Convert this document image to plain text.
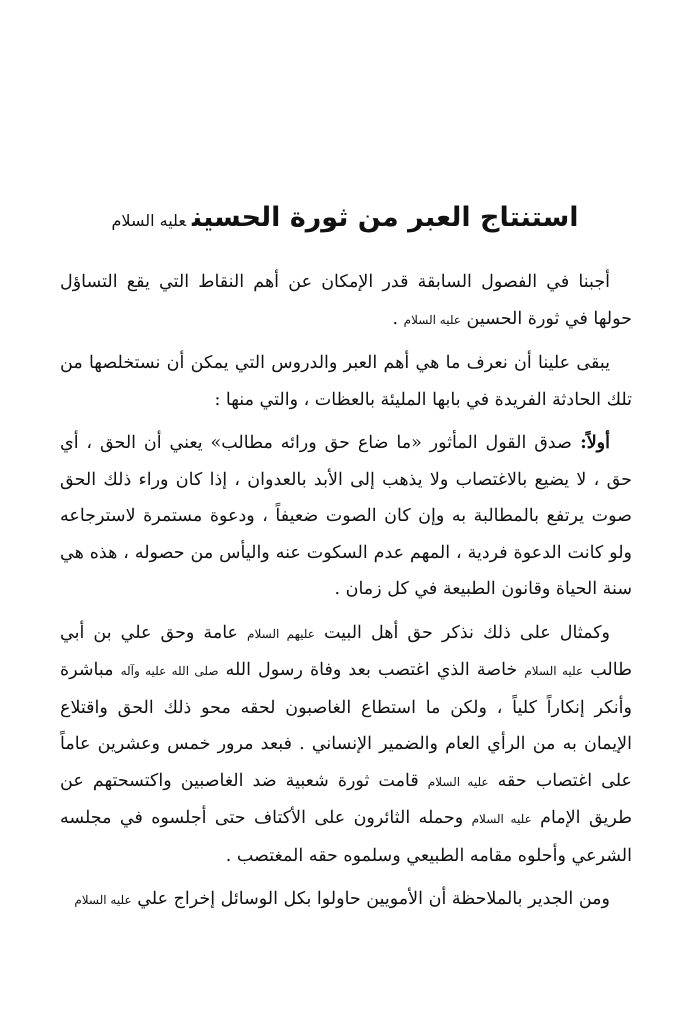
استنتاج العبر من ثورة الحسينعليه السلام

أجبنا في الفصول السابقة قدر الإمكان عن أهم النقاط التي يقع التساؤل حولها في ثورة الحسين عليه السلام .

يبقى علينا أن نعرف ما هي أهم العبر والدروس التي يمكن أن نستخلصها من تلك الحادثة الفريدة في بابها المليئة بالعظات ، والتي منها :

أولاً: صدق القول المأثور «ما ضاع حق ورائه مطالب» يعني أن الحق ، أي حق ، لا يضيع بالاغتصاب ولا يذهب إلى الأبد بالعدوان ، إذا كان وراء ذلك الحق صوت يرتفع بالمطالبة به وإن كان الصوت ضعيفاً ، ودعوة مستمرة لاسترجاعه ولو كانت الدعوة فردية ، المهم عدم السكوت عنه واليأس من حصوله ، هذه هي سنة الحياة وقانون الطبيعة في كل زمان .

وكمثال على ذلك نذكر حق أهل البيت عليهم السلام عامة وحق علي بن أبي طالب عليه السلام خاصة الذي اغتصب بعد وفاة رسول الله صلى الله عليه وآله مباشرة وأنكر إنكاراً كلياً ، ولكن ما استطاع الغاصبون لحقه محو ذلك الحق واقتلاع الإيمان به من الرأي العام والضمير الإنساني . فبعد مرور خمس وعشرين عاماً على اغتصاب حقه عليه السلام قامت ثورة شعبية ضد الغاصبين واكتسحتهم عن طريق الإمام عليه السلام وحمله الثائرون على الأكتاف حتى أجلسوه في مجلسه الشرعي وأحلوه مقامه الطبيعي وسلموه حقه المغتصب .

ومن الجدير بالملاحظة أن الأمويين حاولوا بكل الوسائل إخراج علي عليه السلام
